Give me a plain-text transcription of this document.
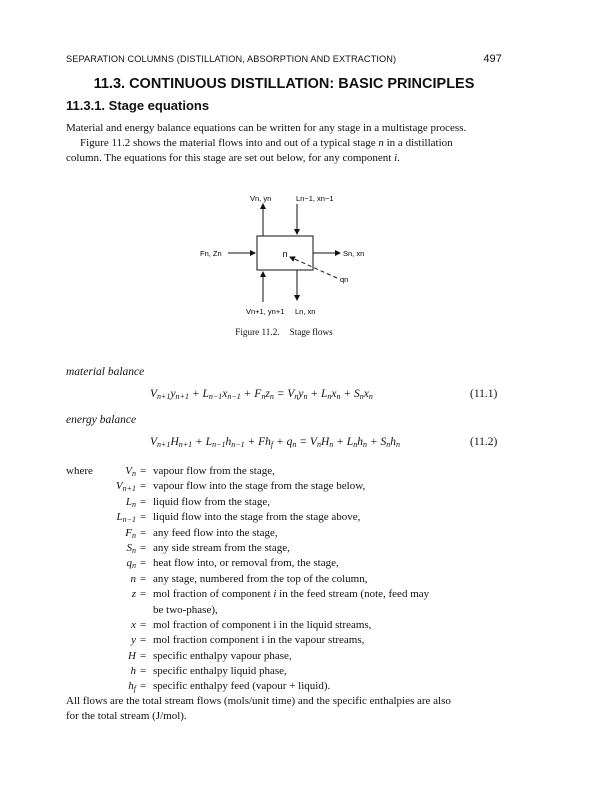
SEPARATION COLUMNS (DISTILLATION, ABSORPTION AND EXTRACTION)	497
11.3. CONTINUOUS DISTILLATION: BASIC PRINCIPLES
11.3.1. Stage equations
Material and energy balance equations can be written for any stage in a multistage process.
Figure 11.2 shows the material flows into and out of a typical stage n in a distillation
column. The equations for this stage are set out below, for any component i.
n
Vn, yn	Ln−1, xn−1
Fn, Zn	Sn, xn
qn
Vn+1, yn+1 Ln, xn
Figure 11.2. Stage flows
material balance
$V_{n+1}y_{n+1} + L_{n-1}x_{n-1} + F_nz_n = V_ny_n + L_nx_n + S_nx_n$	(11.1)
energy balance
$V_{n+1}H_{n+1} + L_{n-1}h_{n-1} + Fh_f + q_n = V_nH_n + L_nh_n + S_nh_n$	(11.2)
where	$V_n$ = vapour flow from the stage,
$V_{n+1}$ = vapour flow into the stage from the stage below,
$L_n$ = liquid flow from the stage,
$L_{n-1}$ = liquid flow into the stage from the stage above,
$F_n$ = any feed flow into the stage,
$S_n$ = any side stream from the stage,
$q_n$ = heat flow into, or removal from, the stage,
n = any stage, numbered from the top of the column,
z = mol fraction of component i in the feed stream (note, feed may
be two-phase),
x = mol fraction of component i in the liquid streams,
y = mol fraction component i in the vapour streams,
H = specific enthalpy vapour phase,
h = specific enthalpy liquid phase,
$h_f$ = specific enthalpy feed (vapour + liquid).
All flows are the total stream flows (mols/unit time) and the specific enthalpies are also
for the total stream (J/mol).
